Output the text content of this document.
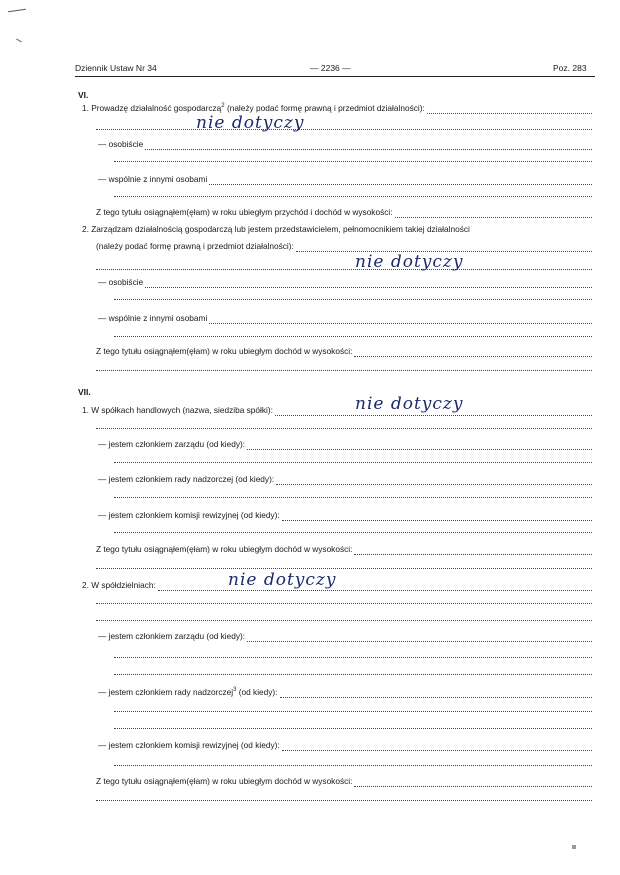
Dziennik Ustaw Nr 34	— 2236 —	Poz. 283
VI.
1. Prowadzę działalność gospodarczą$^2$ (należy podać formę prawną i przedmiot działalności):
nie dotyczy
— osobiście
— wspólnie z innymi osobami
Z tego tytułu osiągnąłem(ęłam) w roku ubiegłym przychód i dochód w wysokości:
2. Zarządzam działalnością gospodarczą lub jestem przedstawicielem, pełnomocnikiem takiej działalności
(należy podać formę prawną i przedmiot działalności):
nie dotyczy
— osobiście
— wspólnie z innymi osobami
Z tego tytułu osiągnąłem(ęłam) w roku ubiegłym dochód w wysokości:
VII.
1. W spółkach handlowych (nazwa, siedziba spółki):	nie dotyczy
— jestem członkiem zarządu (od kiedy):
— jestem członkiem rady nadzorczej (od kiedy):
— jestem członkiem komisji rewizyjnej (od kiedy):
Z tego tytułu osiągnąłem(ęłam) w roku ubiegłym dochód w wysokości:
2. W spółdzielniach:	nie dotyczy
— jestem członkiem zarządu (od kiedy):
— jestem członkiem rady nadzorczej$^3$ (od kiedy):
— jestem członkiem komisji rewizyjnej (od kiedy):
Z tego tytułu osiągnąłem(ęłam) w roku ubiegłym dochód w wysokości:
